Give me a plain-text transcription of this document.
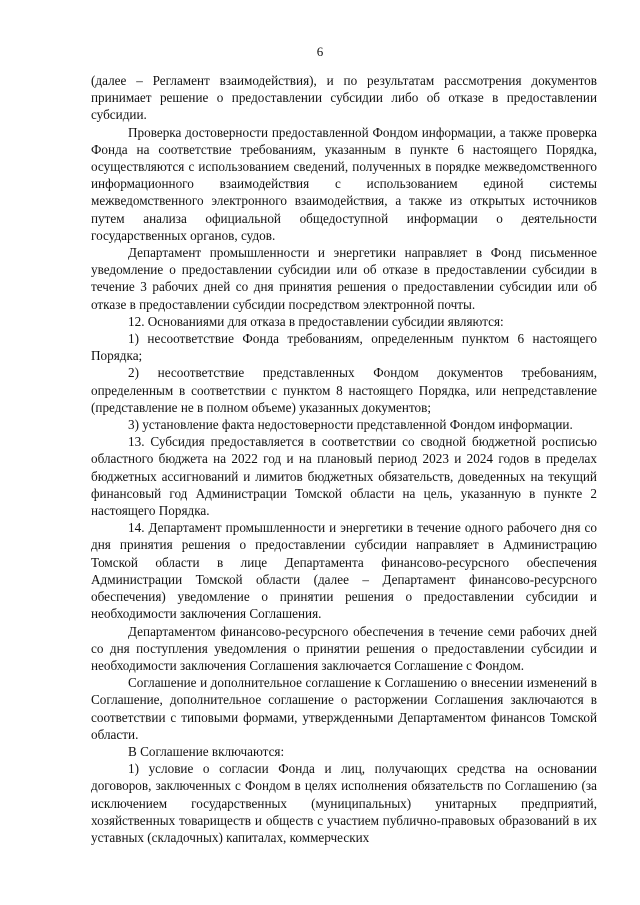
6

(далее – Регламент взаимодействия), и по результатам рассмотрения документов принимает решение о предоставлении субсидии либо об отказе в предоставлении субсидии.

Проверка достоверности предоставленной Фондом информации, а также проверка Фонда на соответствие требованиям, указанным в пункте 6 настоящего Порядка, осуществляются с использованием сведений, полученных в порядке межведомственного информационного взаимодействия с использованием единой системы межведомственного электронного взаимодействия, а также из открытых источников путем анализа официальной общедоступной информации о деятельности государственных органов, судов.

Департамент промышленности и энергетики направляет в Фонд письменное уведомление о предоставлении субсидии или об отказе в предоставлении субсидии в течение 3 рабочих дней со дня принятия решения о предоставлении субсидии или об отказе в предоставлении субсидии посредством электронной почты.

12. Основаниями для отказа в предоставлении субсидии являются:

1) несоответствие Фонда требованиям, определенным пунктом 6 настоящего Порядка;

2) несоответствие представленных Фондом документов требованиям, определенным в соответствии с пунктом 8 настоящего Порядка, или непредставление (представление не в полном объеме) указанных документов;

3) установление факта недостоверности представленной Фондом информации.

13. Субсидия предоставляется в соответствии со сводной бюджетной росписью областного бюджета на 2022 год и на плановый период 2023 и 2024 годов в пределах бюджетных ассигнований и лимитов бюджетных обязательств, доведенных на текущий финансовый год Администрации Томской области на цель, указанную в пункте 2 настоящего Порядка.

14. Департамент промышленности и энергетики в течение одного рабочего дня со дня принятия решения о предоставлении субсидии направляет в Администрацию Томской области в лице Департамента финансово-ресурсного обеспечения Администрации Томской области (далее – Департамент финансово-ресурсного обеспечения) уведомление о принятии решения о предоставлении субсидии и необходимости заключения Соглашения.

Департаментом финансово-ресурсного обеспечения в течение семи рабочих дней со дня поступления уведомления о принятии решения о предоставлении субсидии и необходимости заключения Соглашения заключается Соглашение с Фондом.

Соглашение и дополнительное соглашение к Соглашению о внесении изменений в Соглашение, дополнительное соглашение о расторжении Соглашения заключаются в соответствии с типовыми формами, утвержденными Департаментом финансов Томской области.

В Соглашение включаются:

1) условие о согласии Фонда и лиц, получающих средства на основании договоров, заключенных с Фондом в целях исполнения обязательств по Соглашению (за исключением государственных (муниципальных) унитарных предприятий, хозяйственных товариществ и обществ с участием публично-правовых образований в их уставных (складочных) капиталах, коммерческих
